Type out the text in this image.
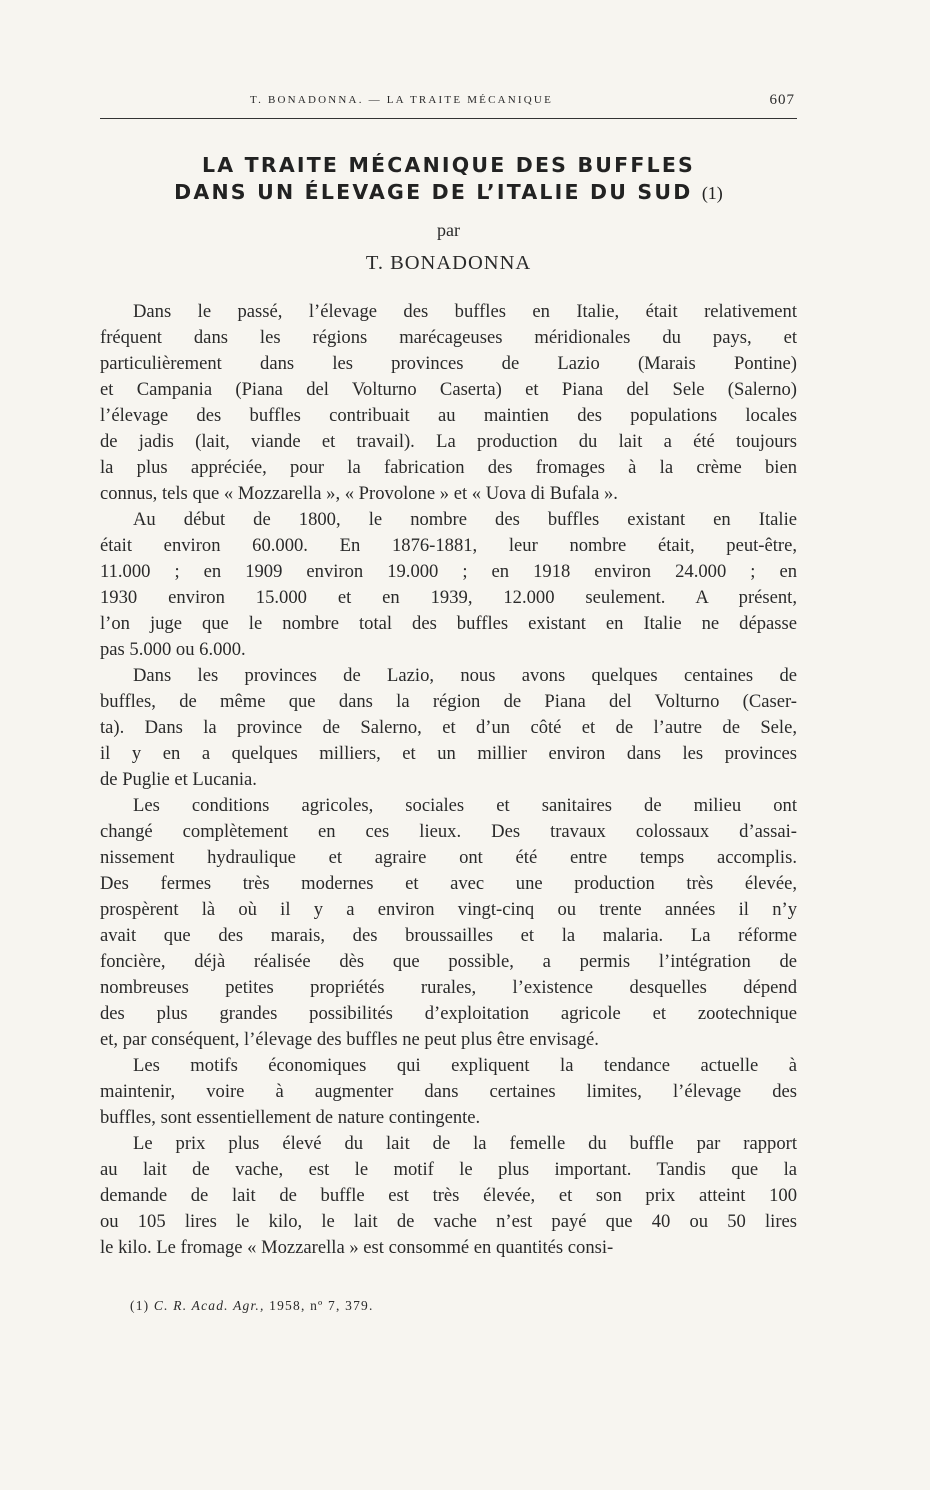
T. BONADONNA. — LA TRAITE MÉCANIQUE	607
LA TRAITE MÉCANIQUE DES BUFFLES
DANS UN ÉLEVAGE DE L’ITALIE DU SUD (1)
par
T. BONADONNA

Dans le passé, l’élevage des buffles en Italie, était relativement
fréquent dans les régions marécageuses méridionales du pays, et
particulièrement dans les provinces de Lazio (Marais Pontine)
et Campania (Piana del Volturno Caserta) et Piana del Sele (Salerno)
l’élevage des buffles contribuait au maintien des populations locales
de jadis (lait, viande et travail). La production du lait a été toujours
la plus appréciée, pour la fabrication des fromages à la crème bien
connus, tels que « Mozzarella », « Provolone » et « Uova di Bufala ».

Au début de 1800, le nombre des buffles existant en Italie
était environ 60.000. En 1876-1881, leur nombre était, peut-être,
11.000 ; en 1909 environ 19.000 ; en 1918 environ 24.000 ; en
1930 environ 15.000 et en 1939, 12.000 seulement. A présent,
l’on juge que le nombre total des buffles existant en Italie ne dépasse
pas 5.000 ou 6.000.

Dans les provinces de Lazio, nous avons quelques centaines de
buffles, de même que dans la région de Piana del Volturno (Caser-
ta). Dans la province de Salerno, et d’un côté et de l’autre de Sele,
il y en a quelques milliers, et un millier environ dans les provinces
de Puglie et Lucania.

Les conditions agricoles, sociales et sanitaires de milieu ont
changé complètement en ces lieux. Des travaux colossaux d’assai-
nissement hydraulique et agraire ont été entre temps accomplis.
Des fermes très modernes et avec une production très élevée,
prospèrent là où il y a environ vingt-cinq ou trente années il n’y
avait que des marais, des broussailles et la malaria. La réforme
foncière, déjà réalisée dès que possible, a permis l’intégration de
nombreuses petites propriétés rurales, l’existence desquelles dépend
des plus grandes possibilités d’exploitation agricole et zootechnique
et, par conséquent, l’élevage des buffles ne peut plus être envisagé.

Les motifs économiques qui expliquent la tendance actuelle à
maintenir, voire à augmenter dans certaines limites, l’élevage des
buffles, sont essentiellement de nature contingente.

Le prix plus élevé du lait de la femelle du buffle par rapport
au lait de vache, est le motif le plus important. Tandis que la
demande de lait de buffle est très élevée, et son prix atteint 100
ou 105 lires le kilo, le lait de vache n’est payé que 40 ou 50 lires
le kilo. Le fromage « Mozzarella » est consommé en quantités consi-

(1) C. R. Acad. Agr., 1958, nº 7, 379.
